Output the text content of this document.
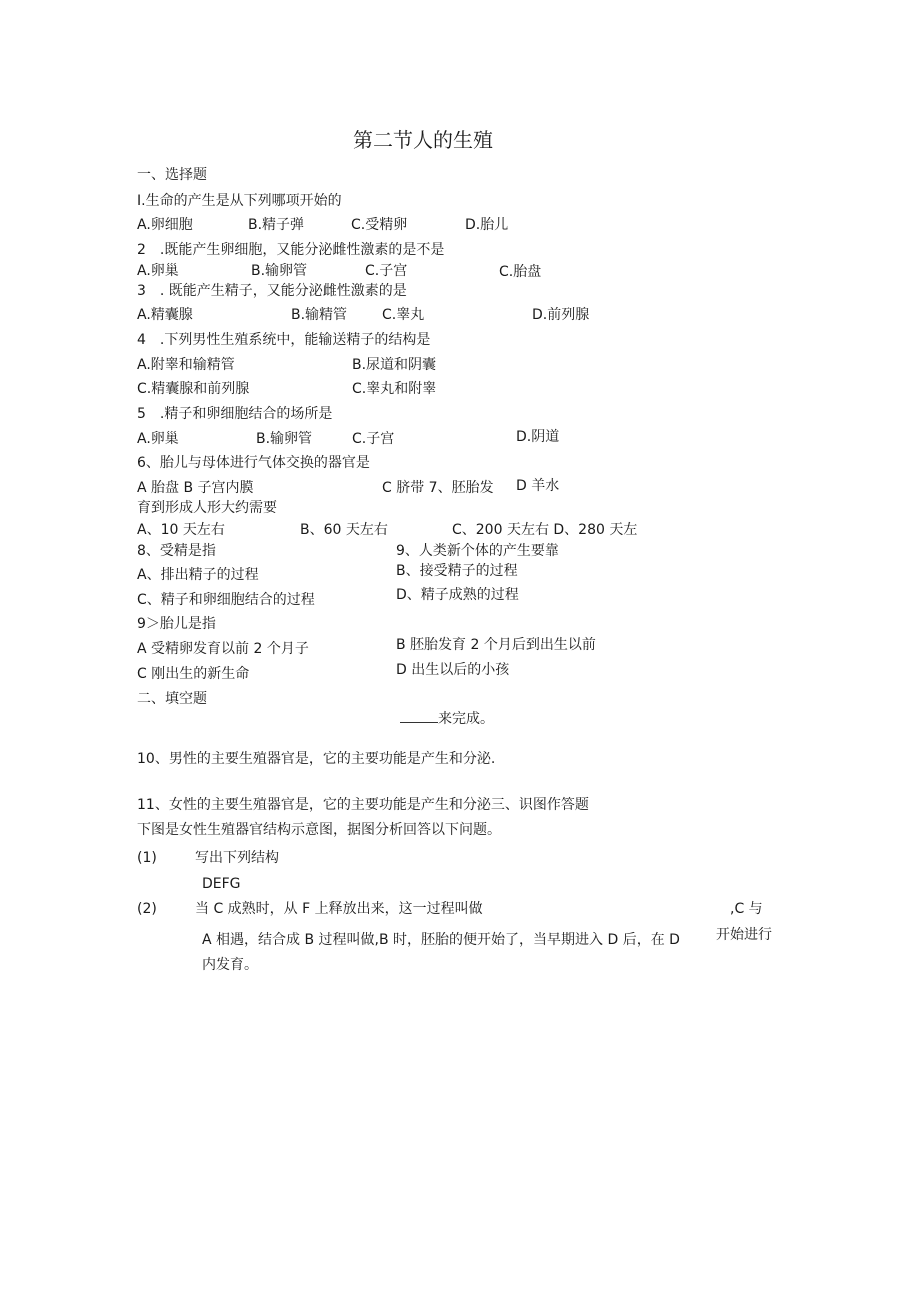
第二节人的生殖
一、选择题
I.生命的产生是从下列哪项开始的
A.卵细胞	B.精子弹	C.受精卵	D.胎儿
2　.既能产生卵细胞，又能分泌雌性激素的是不是
A.卵巢	B.输卵管	C.子宫	C.胎盘
3　. 既能产生精子，又能分泌雌性激素的是
A.精囊腺	B.输精管 C.睾丸	D.前列腺
4　.下列男性生殖系统中，能输送精子的结构是
A.附睾和输精管	B.尿道和阴囊
C.精囊腺和前列腺	C.睾丸和附睾
5　.精子和卵细胞结合的场所是
A.卵巢	B.输卵管	C.子宫	D.阴道
6、胎儿与母体进行气体交换的器官是
A 胎盘 B 子宫内膜	C 脐带 7、胚胎发 D 羊水
育到形成人形大约需要
A、10 天左右	B、60 天左右	C、200 天左右 D、280 天左
8、受精是指	9、人类新个体的产生要靠
A、排出精子的过程	B、接受精子的过程
C、精子和卵细胞结合的过程	D、精子成熟的过程
9＞胎儿是指
A 受精卵发育以前 2 个月子	B 胚胎发育 2 个月后到出生以前
C 刚出生的新生命	D 出生以后的小孩
二、填空题
来完成。
10、男性的主要生殖器官是，它的主要功能是产生和分泌.
11、女性的主要生殖器官是，它的主要功能是产生和分泌三、识图作答题
下图是女性生殖器官结构示意图，据图分析回答以下问题。
(1)	写出下列结构
DEFG
(2)	当 C 成熟时，从 F 上释放出来，这一过程叫做	,C 与
A 相遇，结合成 B 过程叫做,B 时，胚胎的便开始了，当早期进入 D 后，在 D	开始进行
内发育。
